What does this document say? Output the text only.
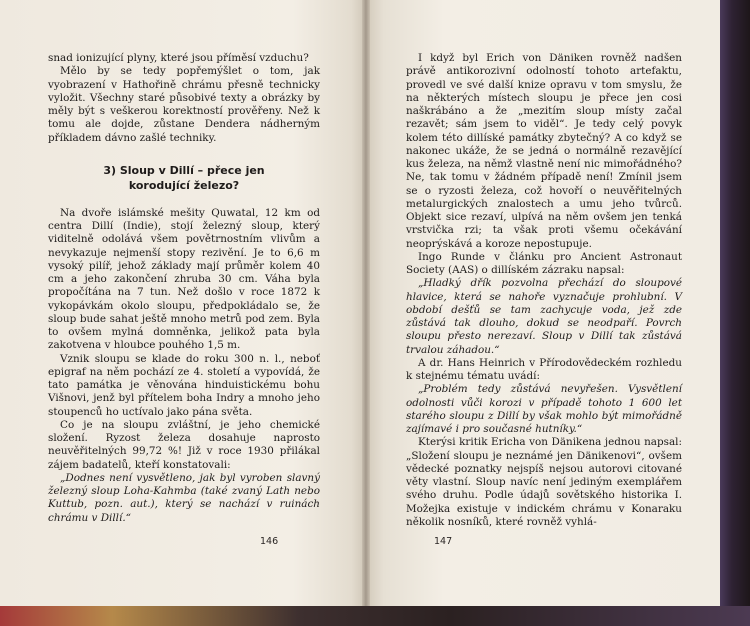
snad ionizující plyny, které jsou příměsí vzduchu?

Mělo by se tedy popřemýšlet o tom, jak vyobrazení v Hathořině chrámu přesně technicky vyložit. Všechny staré působivé texty a obrázky by měly být s veškerou korektností prověřeny. Než k tomu ale dojde, zůstane Dendera nádherným příkladem dávno zašlé techniky.

3) Sloup v Dillí – přece jen
korodující železo?

Na dvoře islámské mešity Quwatal, 12 km od centra Dillí (Indie), stojí železný sloup, který viditelně odolává všem povětrnostním vlivům a nevykazuje nejmenší stopy rezivění. Je to 6,6 m vysoký pilíř, jehož základy mají průměr kolem 40 cm a jeho zakončení zhruba 30 cm. Váha byla propočítána na 7 tun. Než došlo v roce 1872 k vykopávkám okolo sloupu, předpokládalo se, že sloup bude sahat ještě mnoho metrů pod zem. Byla to ovšem mylná domněnka, jelikož pata byla zakotvena v hloubce pouhého 1,5 m.

Vznik sloupu se klade do roku 300 n. l., neboť epigraf na něm pochází ze 4. století a vypovídá, že tato památka je věnována hinduistickému bohu Višnovi, jenž byl přítelem boha Indry a mnoho jeho stoupenců ho uctívalo jako pána světa.

Co je na sloupu zvláštní, je jeho chemické složení. Ryzost železa dosahuje naprosto neuvěřitelných 99,72 %! Již v roce 1930 přilákal zájem badatelů, kteří konstatovali:

„Dodnes není vysvětleno, jak byl vyroben slavný železný sloup Loha-Kahmba (také zvaný Lath nebo Kuttub, pozn. aut.), který se nachází v ruinách chrámu v Dillí.“

146

I když byl Erich von Däniken rovněž nadšen právě antikorozivní odolností tohoto artefaktu, provedl ve své další knize opravu v tom smyslu, že na některých místech sloupu je přece jen cosi naškrábáno a že „mezitím sloup místy začal rezavět; sám jsem to viděl“. Je tedy celý povyk kolem této dillíské památky zbytečný? A co když se nakonec ukáže, že se jedná o normálně rezavějící kus železa, na němž vlastně není nic mimořádného? Ne, tak tomu v žádném případě není! Zmínil jsem se o ryzosti železa, což hovoří o neuvěřitelných metalurgických znalostech a umu jeho tvůrců. Objekt sice rezaví, ulpívá na něm ovšem jen tenká vrstvička rzi; ta však proti všemu očekávání neoprýskává a koroze nepostupuje.

Ingo Runde v článku pro Ancient Astronaut Society (AAS) o dillíském zázraku napsal:

„Hladký dřík pozvolna přechází do sloupové hlavice, která se nahoře vyznačuje prohlubní. V období dešťů se tam zachycuje voda, jež zde zůstává tak dlouho, dokud se neodpaří. Povrch sloupu přesto nerezaví. Sloup v Dillí tak zůstává trvalou záhadou.“

A dr. Hans Heinrich v Přírodovědeckém rozhledu k stejnému tématu uvádí:

„Problém tedy zůstává nevyřešen. Vysvětlení odolnosti vůči korozi v případě tohoto 1 600 let starého sloupu z Dillí by však mohlo být mimořádně zajímavé i pro současné hutníky.“

Kterýsi kritik Ericha von Dänikena jednou napsal: „Složení sloupu je neznámé jen Dänikenovi“, ovšem vědecké poznatky nejspíš nejsou autorovi citované věty vlastní. Sloup navíc není jediným exemplářem svého druhu. Podle údajů sovětského historika I. Možejka existuje v indickém chrámu v Konaraku několik nosníků, které rovněž vyhlá-

147
